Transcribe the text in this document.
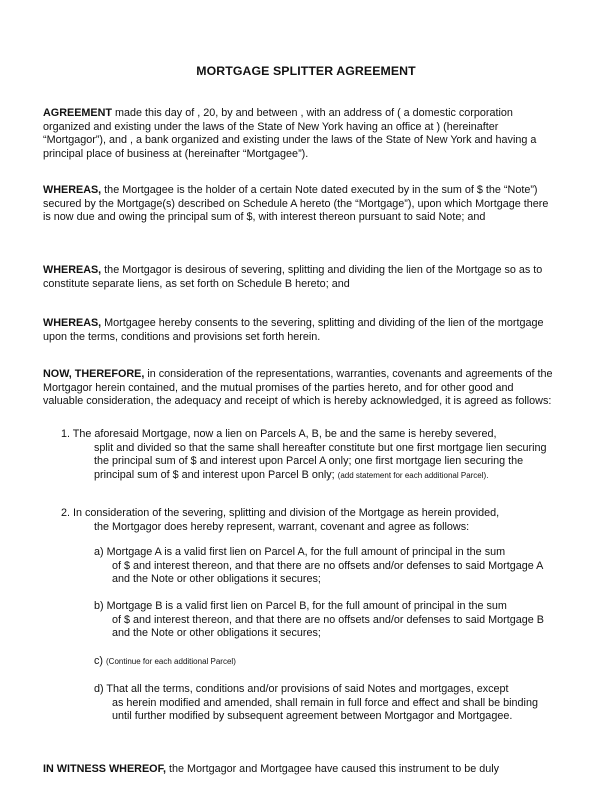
MORTGAGE SPLITTER AGREEMENT
AGREEMENT made this day of , 20, by and between , with an address of ( a domestic corporation organized and existing under the laws of the State of New York having an office at ) (hereinafter “Mortgagor”), and , a bank organized and existing under the laws of the State of New York and having a principal place of business at (hereinafter “Mortgagee”).
WHEREAS, the Mortgagee is the holder of a certain Note dated executed by in the sum of $ the “Note”) secured by the Mortgage(s) described on Schedule A hereto (the “Mortgage”), upon which Mortgage there is now due and owing the principal sum of $, with interest thereon pursuant to said Note; and
WHEREAS, the Mortgagor is desirous of severing, splitting and dividing the lien of the Mortgage so as to constitute separate liens, as set forth on Schedule B hereto; and
WHEREAS, Mortgagee hereby consents to the severing, splitting and dividing of the lien of the mortgage upon the terms, conditions and provisions set forth herein.
NOW, THEREFORE, in consideration of the representations, warranties, covenants and agreements of the Mortgagor herein contained, and the mutual promises of the parties hereto, and for other good and valuable consideration, the adequacy and receipt of which is hereby acknowledged, it is agreed as follows:
1. The aforesaid Mortgage, now a lien on Parcels A, B, be and the same is hereby severed,
split and divided so that the same shall hereafter constitute but one first mortgage lien securing the principal sum of $ and interest upon Parcel A only; one first mortgage lien securing the principal sum of $ and interest upon Parcel B only; (add statement for each additional Parcel).
2. In consideration of the severing, splitting and division of the Mortgage as herein provided,
the Mortgagor does hereby represent, warrant, covenant and agree as follows:
a) Mortgage A is a valid first lien on Parcel A, for the full amount of principal in the sum
of $ and interest thereon, and that there are no offsets and/or defenses to said Mortgage A and the Note or other obligations it secures;
b) Mortgage B is a valid first lien on Parcel B, for the full amount of principal in the sum
of $ and interest thereon, and that there are no offsets and/or defenses to said Mortgage B and the Note or other obligations it secures;
c) (Continue for each additional Parcel)
d) That all the terms, conditions and/or provisions of said Notes and mortgages, except
as herein modified and amended, shall remain in full force and effect and shall be binding until further modified by subsequent agreement between Mortgagor and Mortgagee.
IN WITNESS WHEREOF, the Mortgagor and Mortgagee have caused this instrument to be duly
